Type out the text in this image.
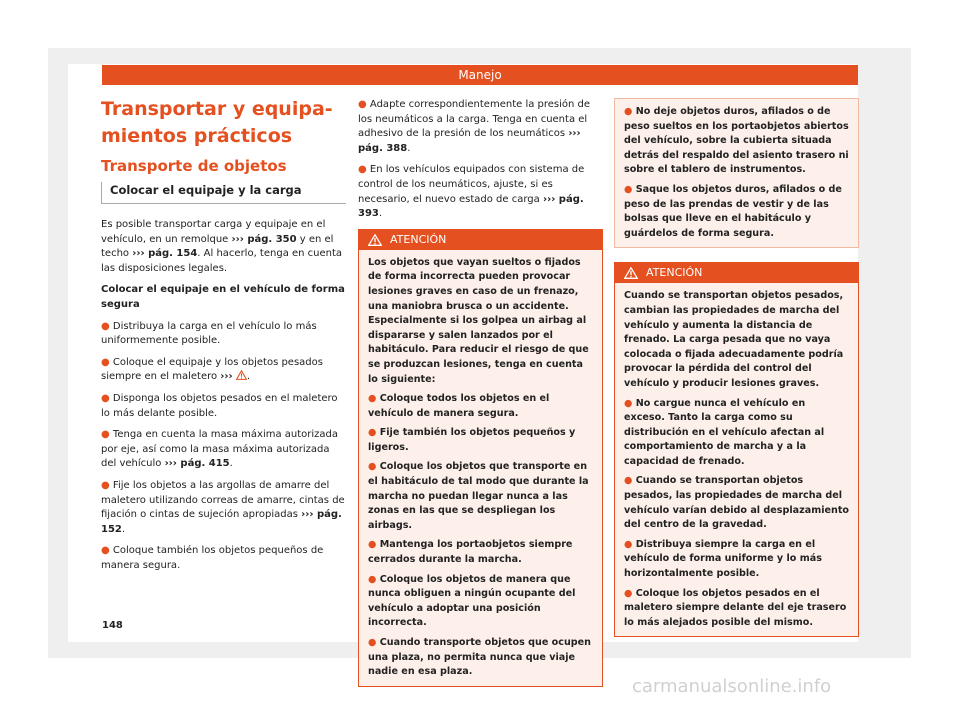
Manejo
Transportar y equipa-
mientos prácticos
Transporte de objetos
Colocar el equipaje y la carga

Es posible transportar carga y equipaje en el vehículo, en un remolque ››› pág. 350 y en el techo ››› pág. 154. Al hacerlo, tenga en cuenta las disposiciones legales.

Colocar el equipaje en el vehículo de forma segura

● Distribuya la carga en el vehículo lo más uniformemente posible.

● Coloque el equipaje y los objetos pesados siempre en el maletero ››› .

● Disponga los objetos pesados en el maletero lo más delante posible.

● Tenga en cuenta la masa máxima autorizada por eje, así como la masa máxima autorizada del vehículo ››› pág. 415.

● Fije los objetos a las argollas de amarre del maletero utilizando correas de amarre, cintas de fijación o cintas de sujeción apropiadas ››› pág. 152.

● Coloque también los objetos pequeños de manera segura.

● Adapte correspondientemente la presión de los neumáticos a la carga. Tenga en cuenta el adhesivo de la presión de los neumáticos ››› pág. 388.

● En los vehículos equipados con sistema de control de los neumáticos, ajuste, si es necesario, el nuevo estado de carga ››› pág. 393.

ATENCIÓN

Los objetos que vayan sueltos o fijados de forma incorrecta pueden provocar lesiones graves en caso de un frenazo, una maniobra brusca o un accidente. Especialmente si los golpea un airbag al dispararse y salen lanzados por el habitáculo. Para reducir el riesgo de que se produzcan lesiones, tenga en cuenta lo siguiente:

● Coloque todos los objetos en el vehículo de manera segura.

● Fije también los objetos pequeños y ligeros.

● Coloque los objetos que transporte en el habitáculo de tal modo que durante la marcha no puedan llegar nunca a las zonas en las que se despliegan los airbags.

● Mantenga los portaobjetos siempre cerrados durante la marcha.

● Coloque los objetos de manera que nunca obliguen a ningún ocupante del vehículo a adoptar una posición incorrecta.

● Cuando transporte objetos que ocupen una plaza, no permita nunca que viaje nadie en esa plaza.

● No deje objetos duros, afilados o de peso sueltos en los portaobjetos abiertos del vehículo, sobre la cubierta situada detrás del respaldo del asiento trasero ni sobre el tablero de instrumentos.

● Saque los objetos duros, afilados o de peso de las prendas de vestir y de las bolsas que lleve en el habitáculo y guárdelos de forma segura.

ATENCIÓN

Cuando se transportan objetos pesados, cambian las propiedades de marcha del vehículo y aumenta la distancia de frenado. La carga pesada que no vaya colocada o fijada adecuadamente podría provocar la pérdida del control del vehículo y producir lesiones graves.

● No cargue nunca el vehículo en exceso. Tanto la carga como su distribución en el vehículo afectan al comportamiento de marcha y a la capacidad de frenado.

● Cuando se transportan objetos pesados, las propiedades de marcha del vehículo varían debido al desplazamiento del centro de la gravedad.

● Distribuya siempre la carga en el vehículo de forma uniforme y lo más horizontalmente posible.

● Coloque los objetos pesados en el maletero siempre delante del eje trasero lo más alejados posible del mismo.

148
carmanualsonline.info
